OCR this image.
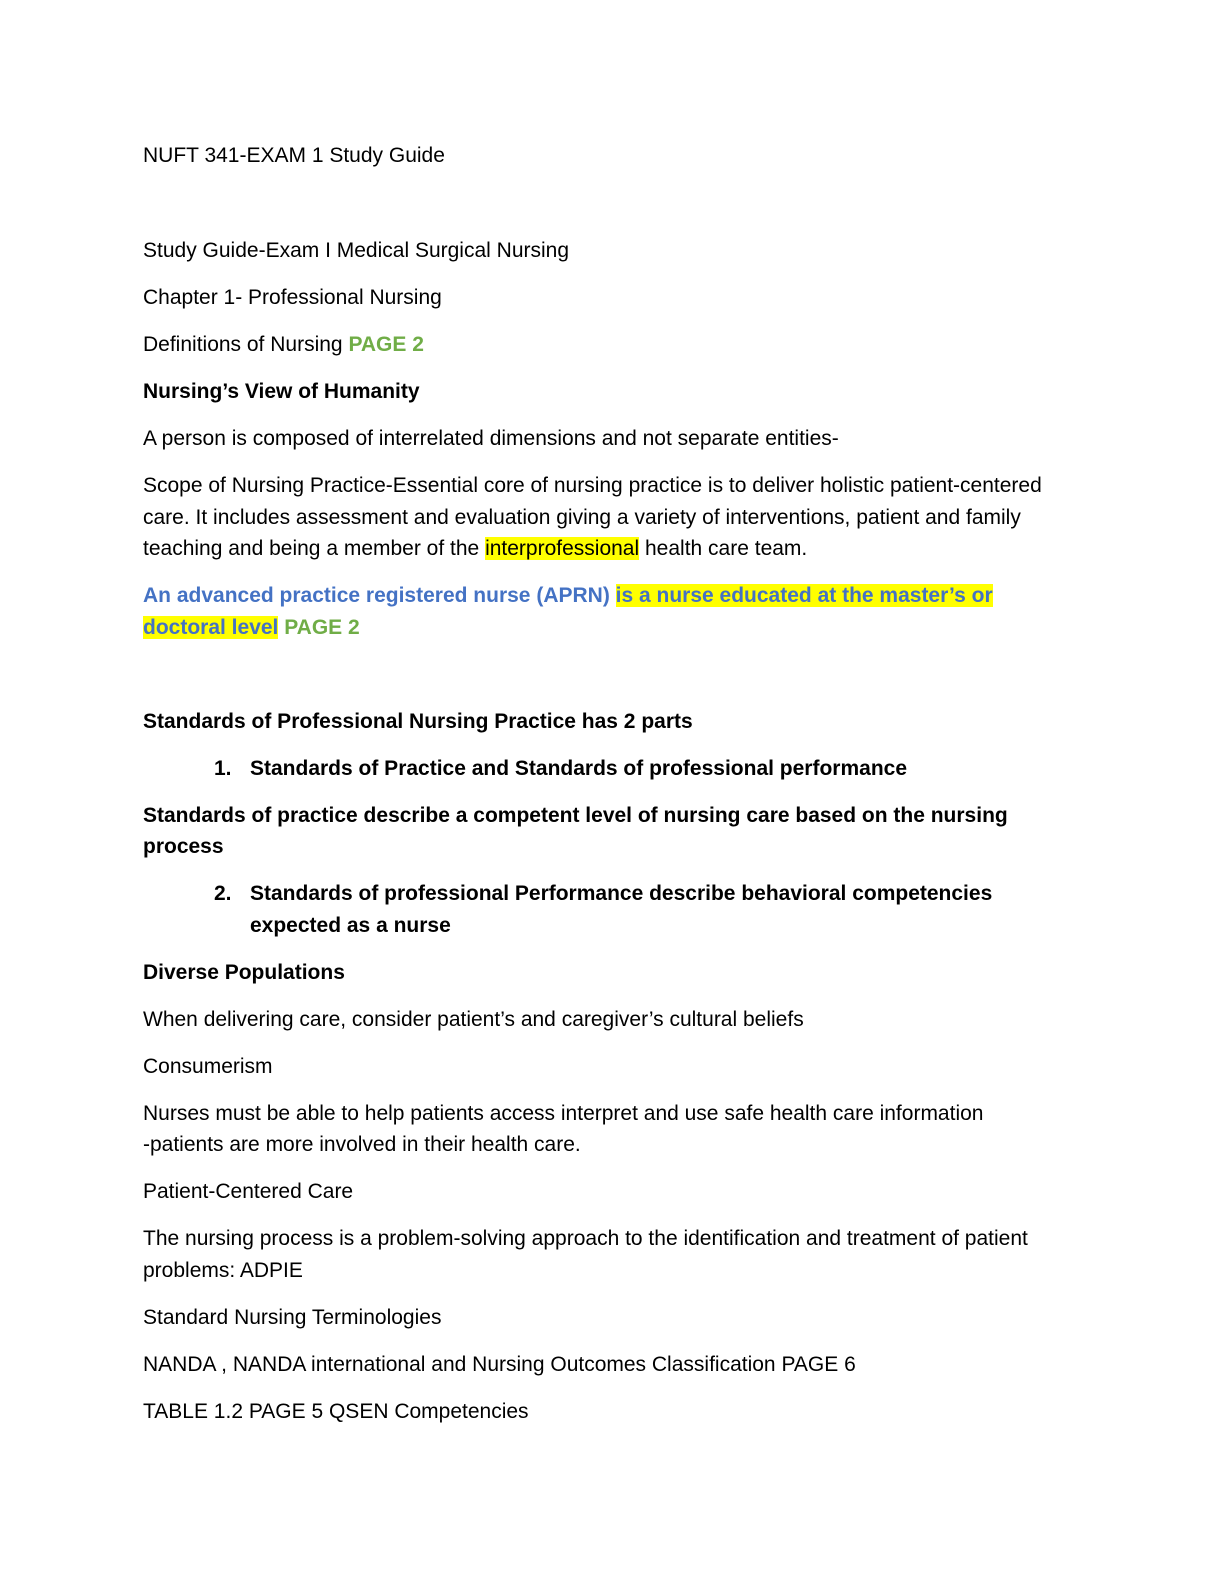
NUFT 341-EXAM 1 Study Guide

Study Guide-Exam I Medical Surgical Nursing

Chapter 1- Professional Nursing

Definitions of Nursing PAGE 2

Nursing’s View of Humanity

A person is composed of interrelated dimensions and not separate entities-

Scope of Nursing Practice-Essential core of nursing practice is to deliver holistic patient-centered care. It includes assessment and evaluation giving a variety of interventions, patient and family teaching and being a member of the interprofessional health care team.

An advanced practice registered nurse (APRN) is a nurse educated at the master’s or doctoral level PAGE 2

Standards of Professional Nursing Practice has 2 parts

1. Standards of Practice and Standards of professional performance

Standards of practice describe a competent level of nursing care based on the nursing process

2. Standards of professional Performance describe behavioral competencies expected as a nurse

Diverse Populations

When delivering care, consider patient’s and caregiver’s cultural beliefs

Consumerism

Nurses must be able to help patients access interpret and use safe health care information
-patients are more involved in their health care.

Patient-Centered Care

The nursing process is a problem-solving approach to the identification and treatment of patient problems: ADPIE

Standard Nursing Terminologies

NANDA , NANDA international and Nursing Outcomes Classification PAGE 6

TABLE 1.2 PAGE 5 QSEN Competencies
